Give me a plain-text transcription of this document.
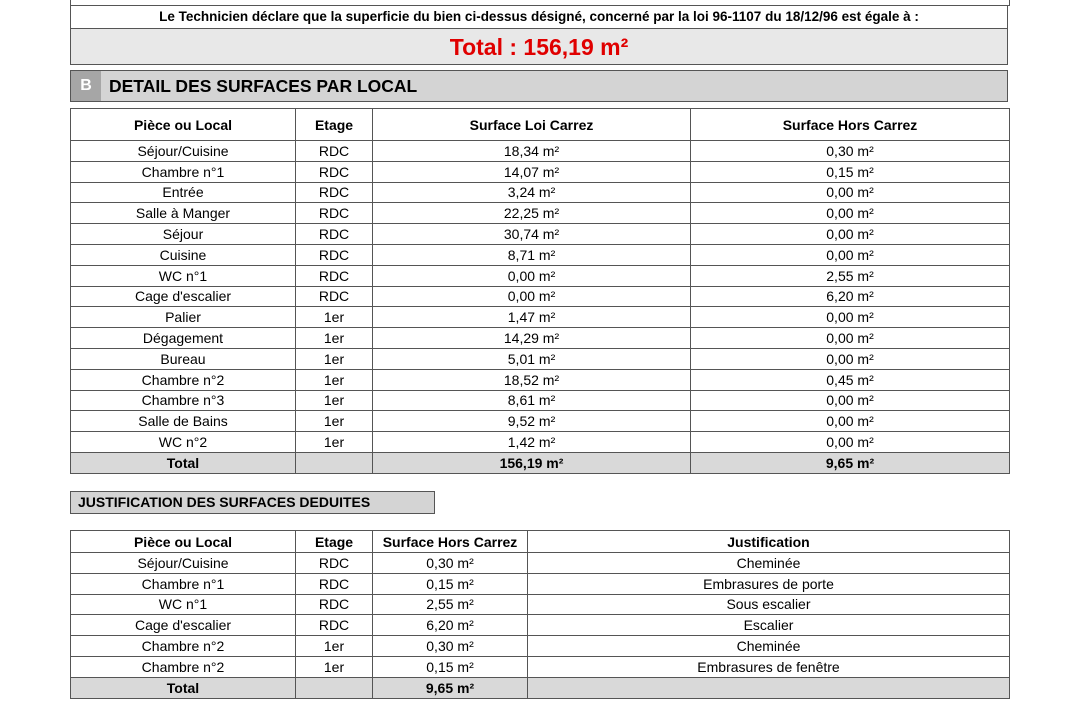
Le Technicien déclare que la superficie du bien ci-dessus désigné, concerné par la loi 96-1107 du 18/12/96 est égale à :
Total : 156,19 m²
B DETAIL DES SURFACES PAR LOCAL
Pièce ou Local	Etage	Surface Loi Carrez	Surface Hors Carrez
Séjour/Cuisine	RDC	18,34 m²	0,30 m²
Chambre n°1	RDC	14,07 m²	0,15 m²
Entrée	RDC	3,24 m²	0,00 m²
Salle à Manger	RDC	22,25 m²	0,00 m²
Séjour	RDC	30,74 m²	0,00 m²
Cuisine	RDC	8,71 m²	0,00 m²
WC n°1	RDC	0,00 m²	2,55 m²
Cage d'escalier	RDC	0,00 m²	6,20 m²
Palier	1er	1,47 m²	0,00 m²
Dégagement	1er	14,29 m²	0,00 m²
Bureau	1er	5,01 m²	0,00 m²
Chambre n°2	1er	18,52 m²	0,45 m²
Chambre n°3	1er	8,61 m²	0,00 m²
Salle de Bains	1er	9,52 m²	0,00 m²
WC n°2	1er	1,42 m²	0,00 m²
Total		156,19 m²	9,65 m²
JUSTIFICATION DES SURFACES DEDUITES
Pièce ou Local	Etage	Surface Hors Carrez	Justification
Séjour/Cuisine	RDC	0,30 m²	Cheminée
Chambre n°1	RDC	0,15 m²	Embrasures de porte
WC n°1	RDC	2,55 m²	Sous escalier
Cage d'escalier	RDC	6,20 m²	Escalier
Chambre n°2	1er	0,30 m²	Cheminée
Chambre n°2	1er	0,15 m²	Embrasures de fenêtre
Total		9,65 m²	
